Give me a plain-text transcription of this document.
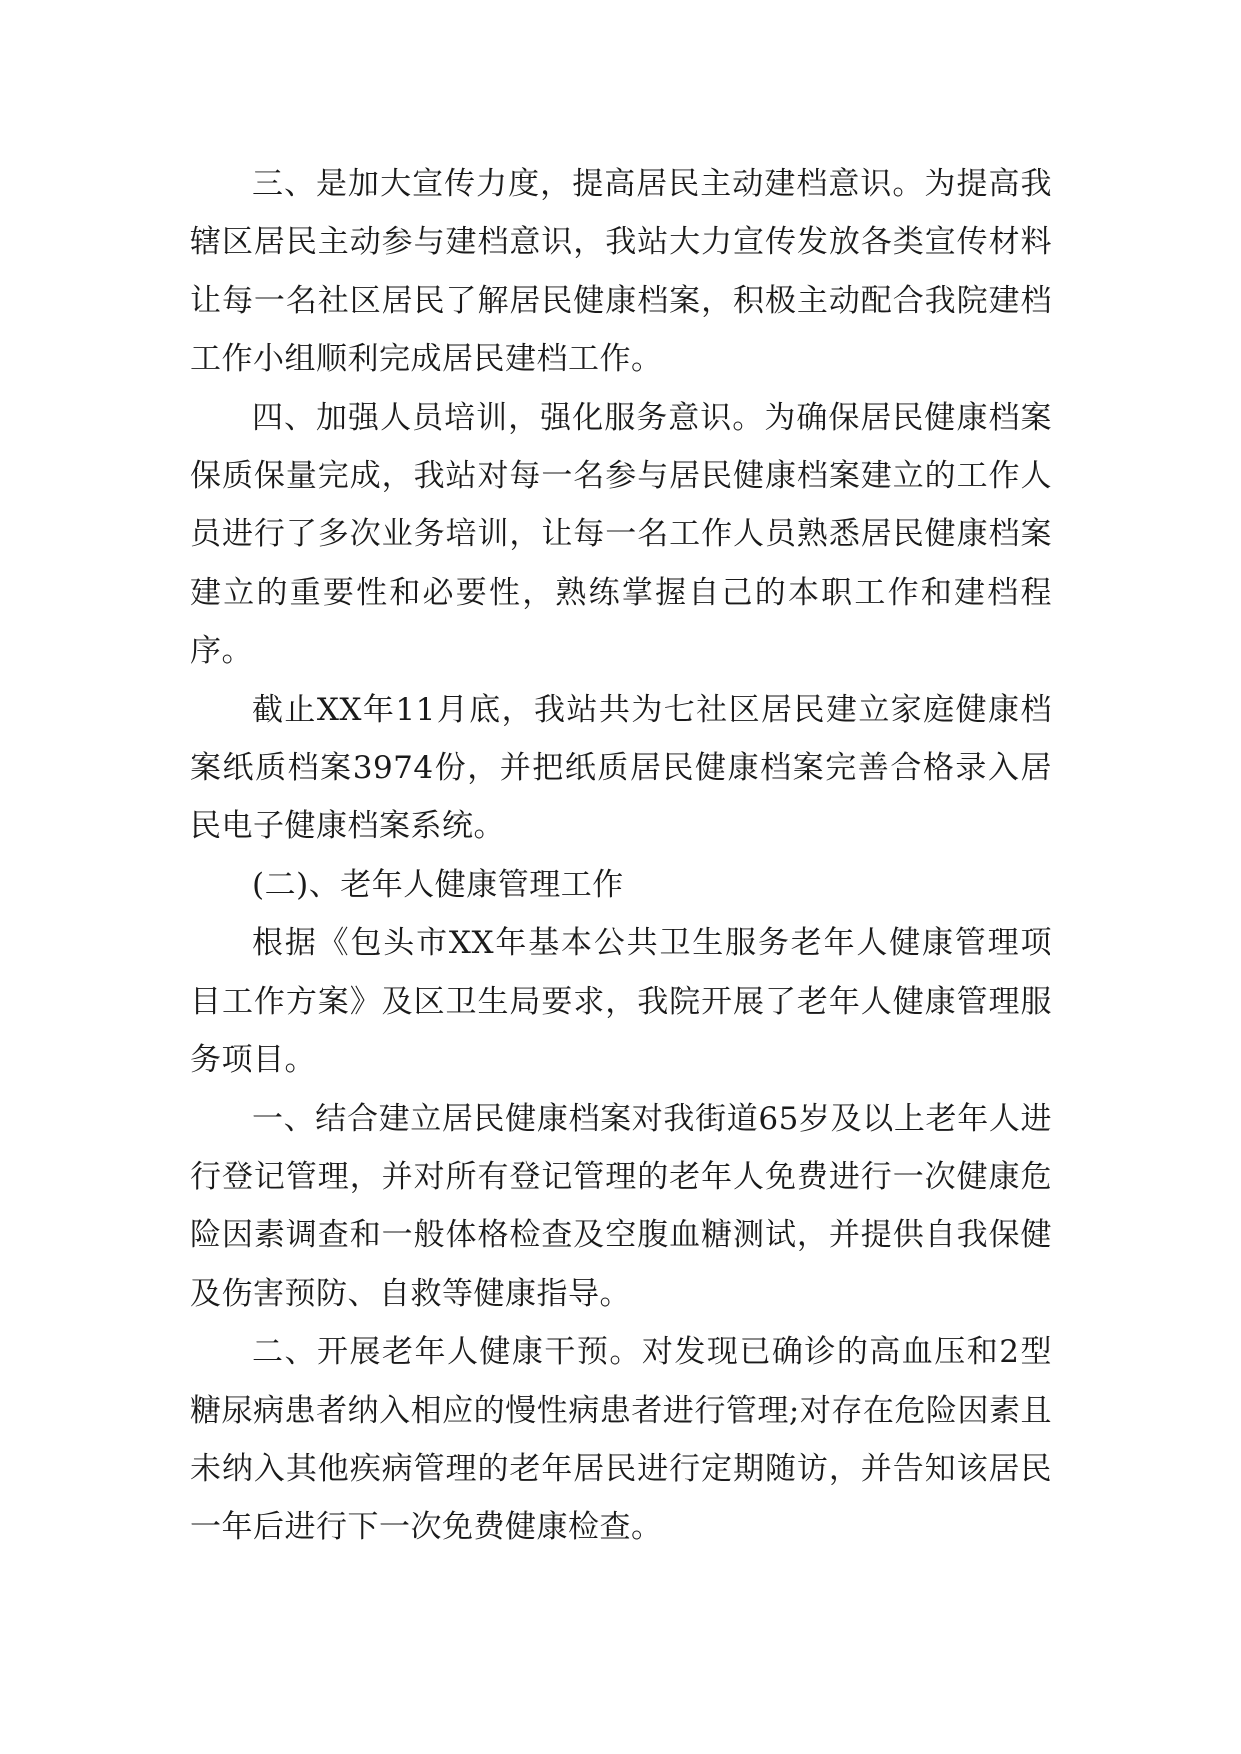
三、是加大宣传力度，提高居民主动建档意识。为提高我辖区居民主动参与建档意识，我站大力宣传发放各类宣传材料让每一名社区居民了解居民健康档案，积极主动配合我院建档工作小组顺利完成居民建档工作。

四、加强人员培训，强化服务意识。为确保居民健康档案保质保量完成，我站对每一名参与居民健康档案建立的工作人员进行了多次业务培训，让每一名工作人员熟悉居民健康档案建立的重要性和必要性，熟练掌握自己的本职工作和建档程序。

截止XX年11月底，我站共为七社区居民建立家庭健康档案纸质档案3974份，并把纸质居民健康档案完善合格录入居民电子健康档案系统。

(二)、老年人健康管理工作

根据《包头市XX年基本公共卫生服务老年人健康管理项目工作方案》及区卫生局要求，我院开展了老年人健康管理服务项目。

一、结合建立居民健康档案对我街道65岁及以上老年人进行登记管理，并对所有登记管理的老年人免费进行一次健康危险因素调查和一般体格检查及空腹血糖测试，并提供自我保健及伤害预防、自救等健康指导。

二、开展老年人健康干预。对发现已确诊的高血压和2型糖尿病患者纳入相应的慢性病患者进行管理;对存在危险因素且未纳入其他疾病管理的老年居民进行定期随访，并告知该居民一年后进行下一次免费健康检查。
